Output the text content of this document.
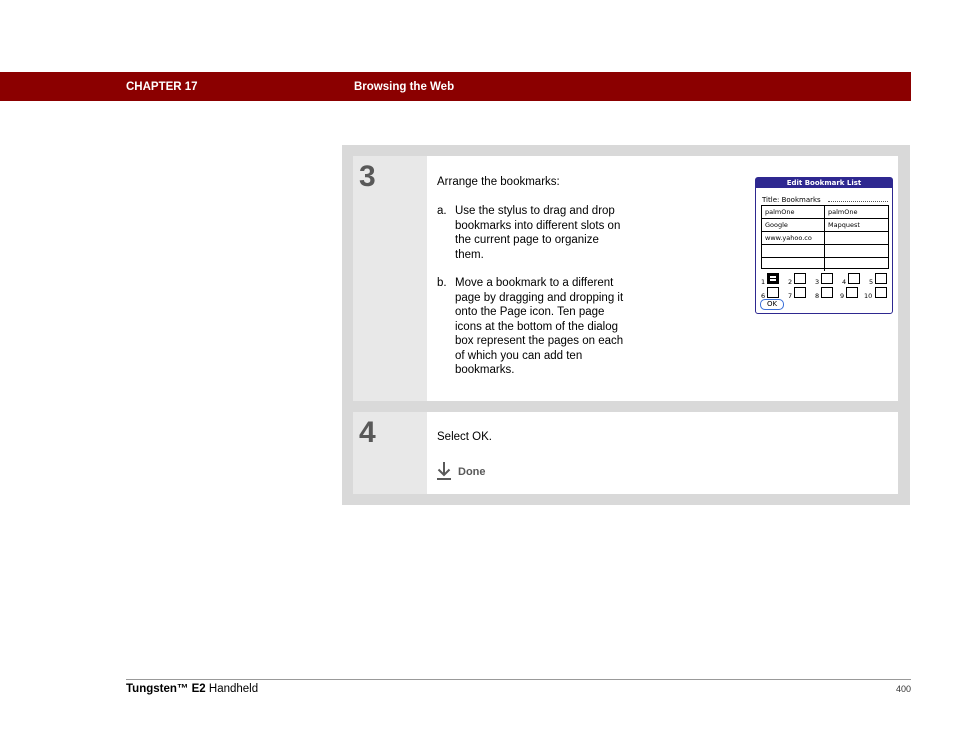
CHAPTER 17	Browsing the Web
3	Arrange the bookmarks:
a. Use the stylus to drag and drop bookmarks into different slots on the current page to organize them.
b. Move a bookmark to a different page by dragging and dropping it onto the Page icon. Ten page icons at the bottom of the dialog box represent the pages on each of which you can add ten bookmarks.
Edit Bookmark List
Title: Bookmarks
palmOne	palmOne
Google	Mapquest
www.yahoo.co
1	2	3	4	5
6	7	8	9	10
OK
4	Select OK.
Done
Tungsten™ E2 Handheld	400
